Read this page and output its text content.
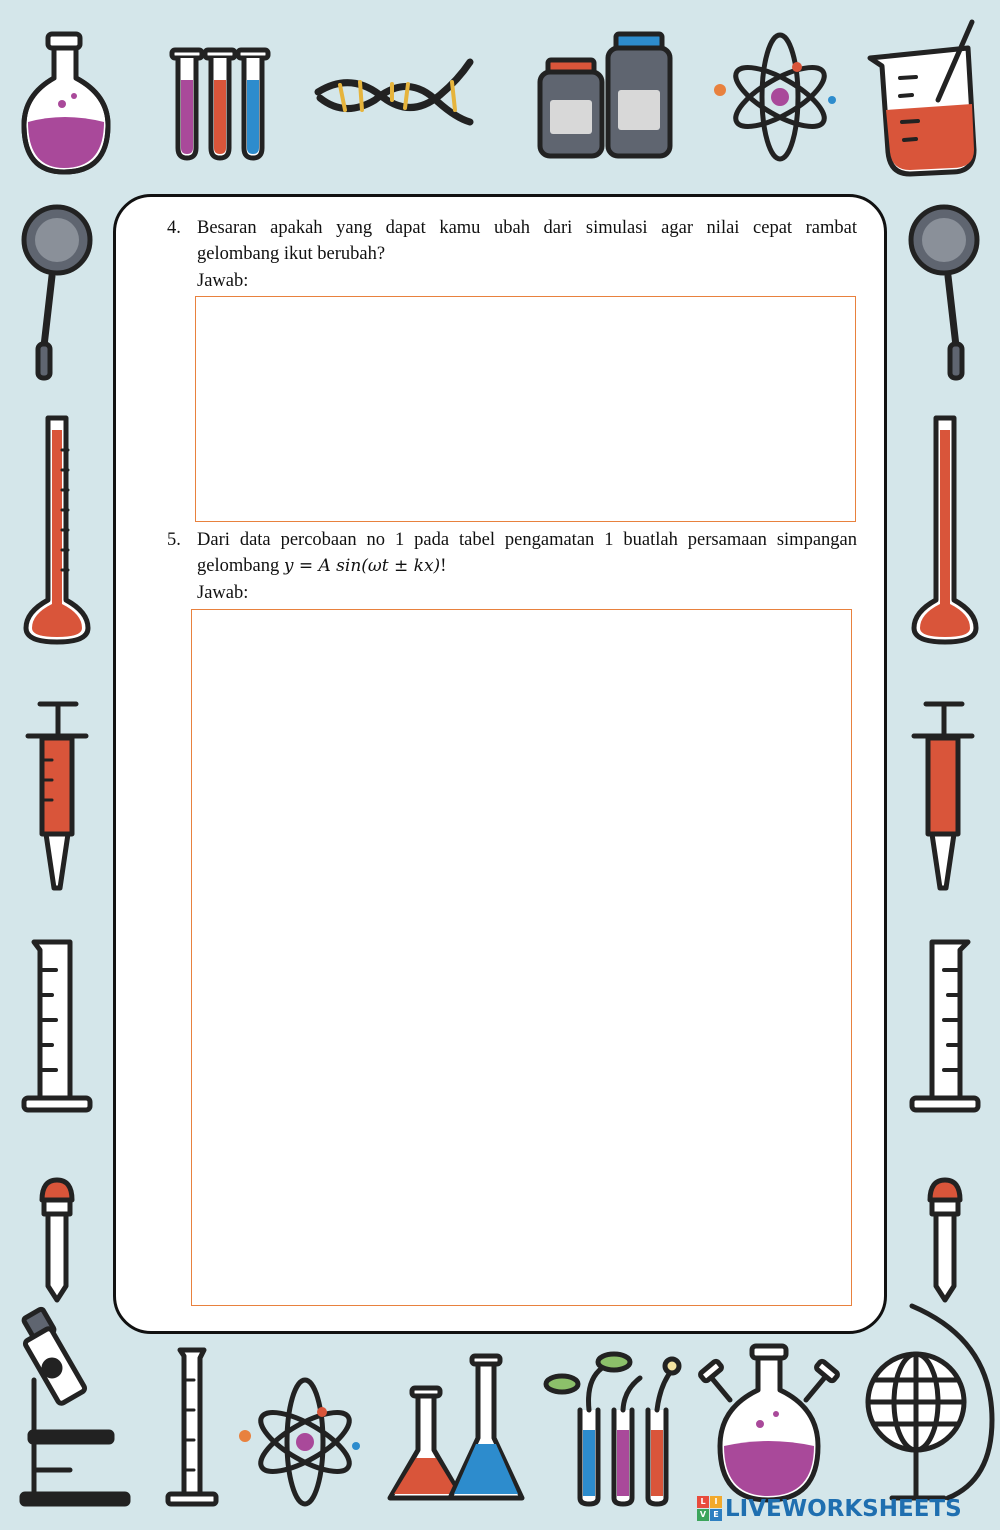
4. Besaran apakah yang dapat kamu ubah dari simulasi agar nilai cepat rambat
gelombang ikut berubah?
Jawab:
5. Dari data percobaan no 1 pada tabel pengamatan 1 buatlah persamaan simpangan
gelombang y = A sin(ωt ± kx)!
Jawab:
L	I
V E LIVEWORKSHEETS
